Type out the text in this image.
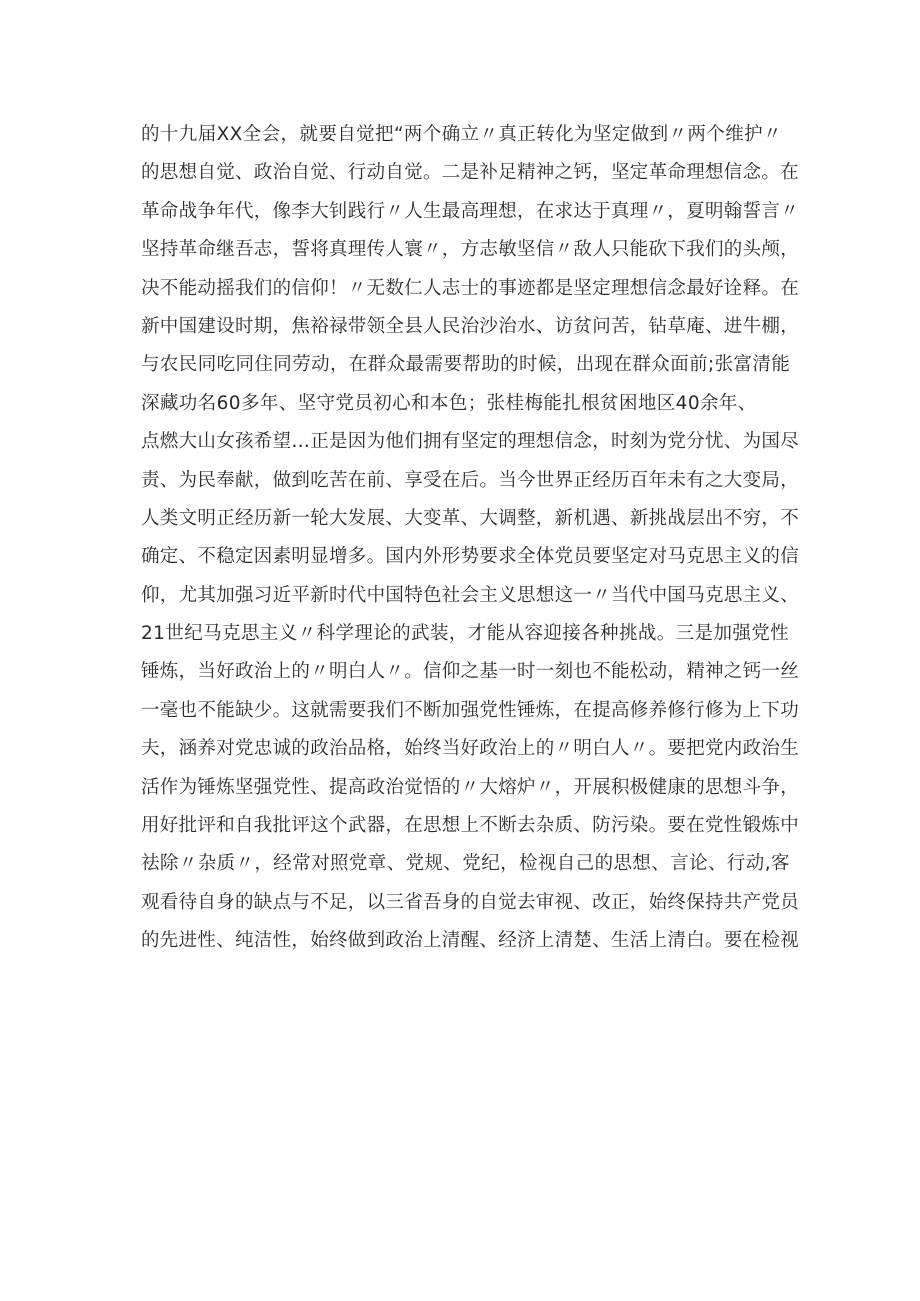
的十九届XX全会，就要自觉把“两个确立〃真正转化为坚定做到〃两个维护〃
的思想自觉、政治自觉、行动自觉。二是补足精神之钙，坚定革命理想信念。在
革命战争年代，像李大钊践行〃人生最高理想，在求达于真理〃，夏明翰誓言〃
坚持革命继吾志，誓将真理传人寰〃，方志敏坚信〃敌人只能砍下我们的头颅，
决不能动摇我们的信仰！〃无数仁人志士的事迹都是坚定理想信念最好诠释。在
新中国建设时期，焦裕禄带领全县人民治沙治水、访贫问苦，钻草庵、进牛棚，
与农民同吃同住同劳动，在群众最需要帮助的时候，出现在群众面前;张富清能
深藏功名60多年、坚守党员初心和本色；张桂梅能扎根贫困地区40余年、
点燃大山女孩希望…正是因为他们拥有坚定的理想信念，时刻为党分忧、为国尽
责、为民奉献，做到吃苦在前、享受在后。当今世界正经历百年未有之大变局，
人类文明正经历新一轮大发展、大变革、大调整，新机遇、新挑战层出不穷，不
确定、不稳定因素明显增多。国内外形势要求全体党员要坚定对马克思主义的信
仰，尤其加强习近平新时代中国特色社会主义思想这一〃当代中国马克思主义、
21世纪马克思主义〃科学理论的武装，才能从容迎接各种挑战。三是加强党性
锤炼，当好政治上的〃明白人〃。信仰之基一时一刻也不能松动，精神之钙一丝
一毫也不能缺少。这就需要我们不断加强党性锤炼，在提高修养修行修为上下功
夫，涵养对党忠诚的政治品格，始终当好政治上的〃明白人〃。要把党内政治生
活作为锤炼坚强党性、提高政治觉悟的〃大熔炉〃，开展积极健康的思想斗争，
用好批评和自我批评这个武器，在思想上不断去杂质、防污染。要在党性锻炼中
祛除〃杂质〃，经常对照党章、党规、党纪，检视自己的思想、言论、行动,客
观看待自身的缺点与不足，以三省吾身的自觉去审视、改正，始终保持共产党员
的先进性、纯洁性，始终做到政治上清醒、经济上清楚、生活上清白。要在检视
